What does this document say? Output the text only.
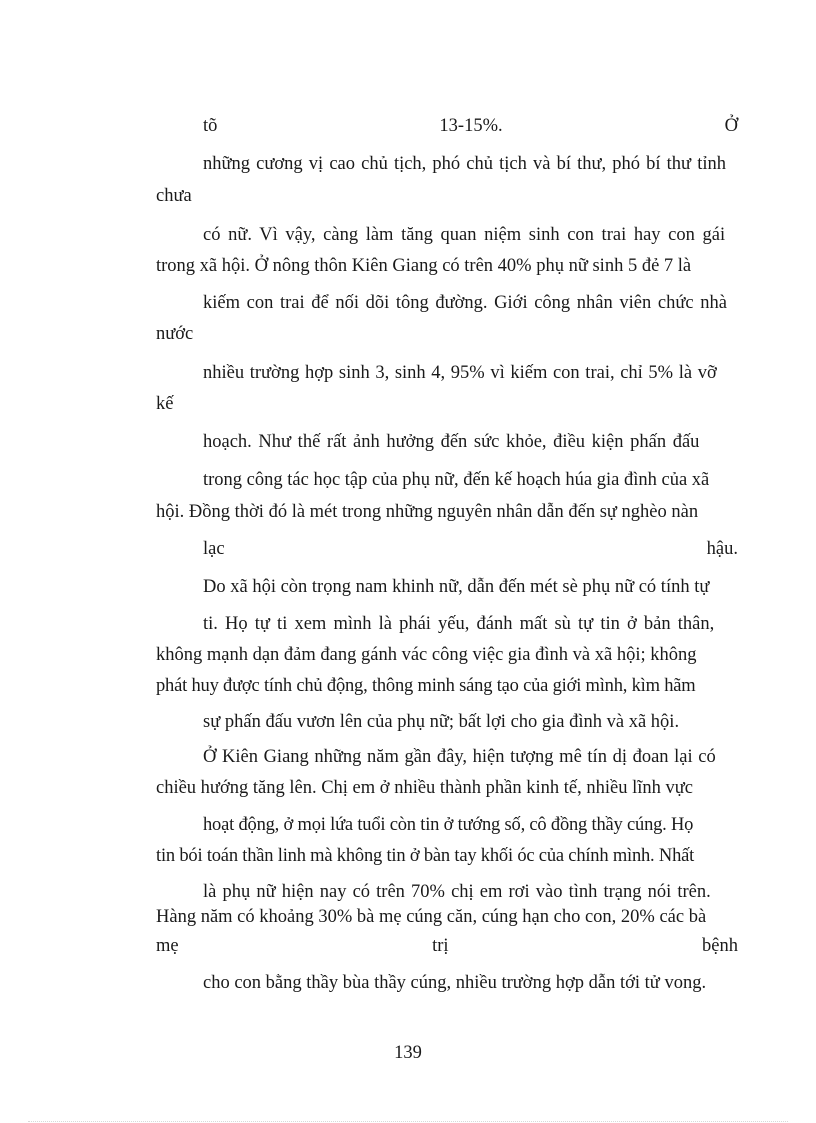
tõ	13-15%.	Ở
những cương vị cao chủ tịch, phó chủ tịch và bí thư, phó bí thư tỉnh
chưa
có nữ. Vì vậy, càng làm tăng quan niệm sinh con trai hay con gái
trong xã hội. Ở nông thôn Kiên Giang có trên 40% phụ nữ sinh 5 đẻ 7 là
kiếm con trai để nối dõi tông đường. Giới công nhân viên chức nhà
nước
nhiều trường hợp sinh 3, sinh 4, 95% vì kiếm con trai, chỉ 5% là vỡ
kế
hoạch. Như thế rất ảnh hưởng đến sức khỏe, điều kiện phấn đấu
trong công tác học tập của phụ nữ, đến kế hoạch húa gia đình của xã
hội. Đồng thời đó là mét trong những nguyên nhân dẫn đến sự nghèo nàn
lạc	hậu.
Do xã hội còn trọng nam khinh nữ, dẫn đến mét sè phụ nữ có tính tự
ti. Họ tự ti xem mình là phái yếu, đánh mất sù tự tin ở bản thân,
không mạnh dạn đảm đang gánh vác công việc gia đình và xã hội; không
phát huy được tính chủ động, thông minh sáng tạo của giới mình, kìm hãm
sự phấn đấu vươn lên của phụ nữ; bất lợi cho gia đình và xã hội.
Ở Kiên Giang những năm gần đây, hiện tượng mê tín dị đoan lại có
chiều hướng tăng lên. Chị em ở nhiều thành phần kinh tế, nhiều lĩnh vực
hoạt động, ở mọi lứa tuổi còn tin ở tướng số, cô đồng thầy cúng. Họ
tin bói toán thần linh mà không tin ở bàn tay khối óc của chính mình. Nhất
là phụ nữ hiện nay có trên 70% chị em rơi vào tình trạng nói trên.
Hàng năm có khoảng 30% bà mẹ cúng căn, cúng hạn cho con, 20% các bà
mẹ	trị	bệnh
cho con bằng thầy bùa thầy cúng, nhiều trường hợp dẫn tới tử vong.
139
